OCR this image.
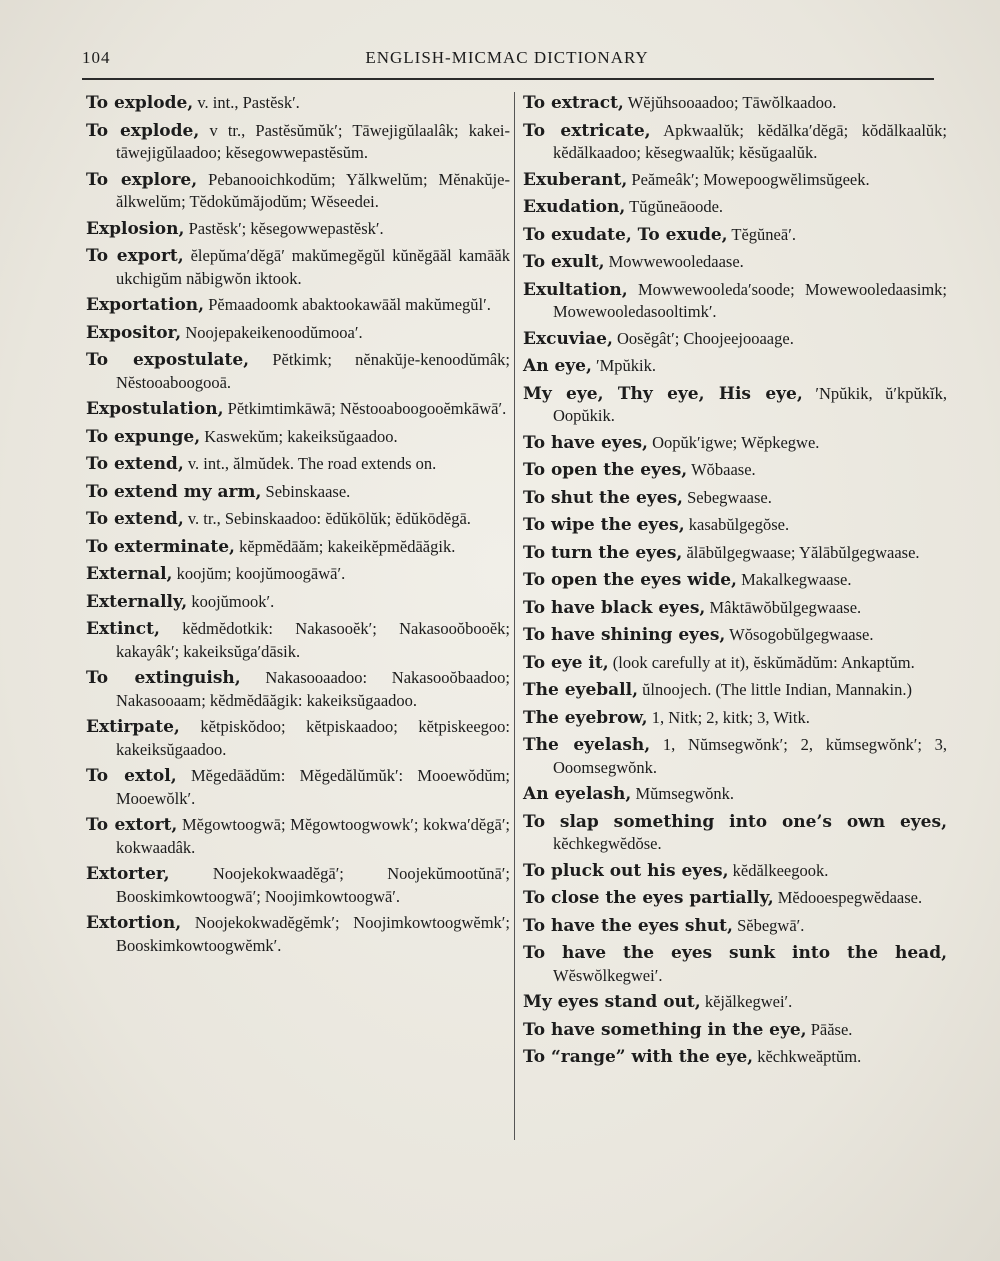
104	ENGLISH-MICMAC DICTIONARY

To explode, v. int., Pastĕsk′.

To explode, v tr., Pastĕsŭmŭk′; Tāwejigŭlaalâk; kakei-tāwejigŭlaadoo; kĕsegowwepastĕsŭm.

To explore, Pebanooichkodŭm; Yălkwelŭm; Mĕnakŭje-ălkwelŭm; Tĕdokŭmăjodŭm; Wĕseedei.

Explosion, Pastĕsk′; kĕsegowwepastĕsk′.

To export, ĕlepŭma′dĕgā′ makŭmegĕgŭl kŭnĕgāăl kamāăk ukchigŭm năbigwŏn iktook.

Exportation, Pĕmaadoomk abaktookawāăl makŭmegŭl′.

Expositor, Noojepakeikenoodŭmooa′.

To expostulate, Pĕtkimk; nĕnakŭje-kenoodŭmâk; Nĕstooaboogooā.

Expostulation, Pĕtkimtimkāwā; Nĕstooaboogooĕmkāwā′.

To expunge, Kaswekŭm; kakeiksŭgaadoo.

To extend, v. int., ălmŭdek. The road extends on.

To extend my arm, Sebinskaase.

To extend, v. tr., Sebinskaadoo: ĕdŭkōlŭk; ĕdŭkōdĕgā.

To exterminate, kĕpmĕdāăm; kakeikĕpmĕdāăgik.

External, koojŭm; koojŭmoogāwā′.

Externally, koojŭmook′.

Extinct, kĕdmĕdotkik: Nakasooĕk′; Nakasooŏbooĕk; kakayâk′; kakeiksŭga′dāsik.

To extinguish, Nakasooaadoo: Nakasooŏbaadoo; Nakasooaam; kĕdmĕdāăgik: kakeiksŭgaadoo.

Extirpate, kĕtpiskŏdoo; kĕtpiskaadoo; kĕtpiskeegoo: kakeiksŭgaadoo.

To extol, Mĕgedāădŭm: Mĕgedălŭmŭk′: Mooewŏdŭm; Mooewŏlk′.

To extort, Mĕgowtoogwā; Mĕgowtoogwowk′; kokwa′dĕgā′; kokwaadâk.

Extorter,	Noojekokwaadĕgā′; Noojekŭmootŭnā′; Booskimkowtoogwā′; Noojimkowtoogwā′.

Extortion, Noojekokwadĕgĕmk′; Noojimkowtoogwĕmk′; Booskimkowtoogwĕmk′.

To extract, Wĕjŭhsooaadoo; Tāwŏlkaadoo.

To extricate, Apkwaalŭk; kĕdălka′dĕgā; kŏdălkaalŭk; kĕdălkaadoo; kĕsegwaalŭk; kĕsŭgaalŭk.

Exuberant, Peămeâk′; Mowepoogwĕlimsŭgeek.

Exudation, Tŭgŭneāoode.

To exudate, To exude, Tĕgŭneā′.

To exult, Mowwewooledaase.

Exultation, Mowwewooleda′soode; Mowewooledaasimk; Mowewooledasooltimk′.

Excuviae, Oosĕgât′; Choojeejooaage.

An eye, ′Mpŭkik.

My eye, Thy eye, His eye, ′Npŭkik, ŭ′kpŭkĭk, Oopŭkik.

To have eyes, Oopŭk′igwe; Wĕpkegwe.

To open the eyes, Wŏbaase.

To shut the eyes, Sebegwaase.

To wipe the eyes, kasabŭlgegŏse.

To turn the eyes, ălābŭlgegwaase; Yălābŭlgegwaase.

To open the eyes wide, Makalkegwaase.

To have black eyes, Mâktāwŏbŭlgegwaase.

To have shining eyes, Wŏsogobŭlgegwaase.

To eye it, (look carefully at it), ĕskŭmădŭm: Ankaptŭm.

The eyeball, ŭlnoojech. (The little Indian, Mannakin.)

The eyebrow, 1, Nitk; 2, kitk; 3, Witk.

The eyelash, 1, Nŭmsegwŏnk′; 2, kŭmsegwŏnk′; 3, Ooomsegwŏnk.

An eyelash, Mŭmsegwŏnk.

To slap something into one’s own eyes, kĕchkegwĕdŏse.

To pluck out his eyes, kĕdălkeegook.

To close the eyes partially, Mĕdooespegwĕdaase.

To have the eyes shut, Sĕbegwā′.

To have the eyes sunk into the head, Wĕswŏlkegwei′.

My eyes stand out, kĕjălkegwei′.

To have something in the eye, Pāăse.

To “range” with the eye, kĕchkweăptŭm.
